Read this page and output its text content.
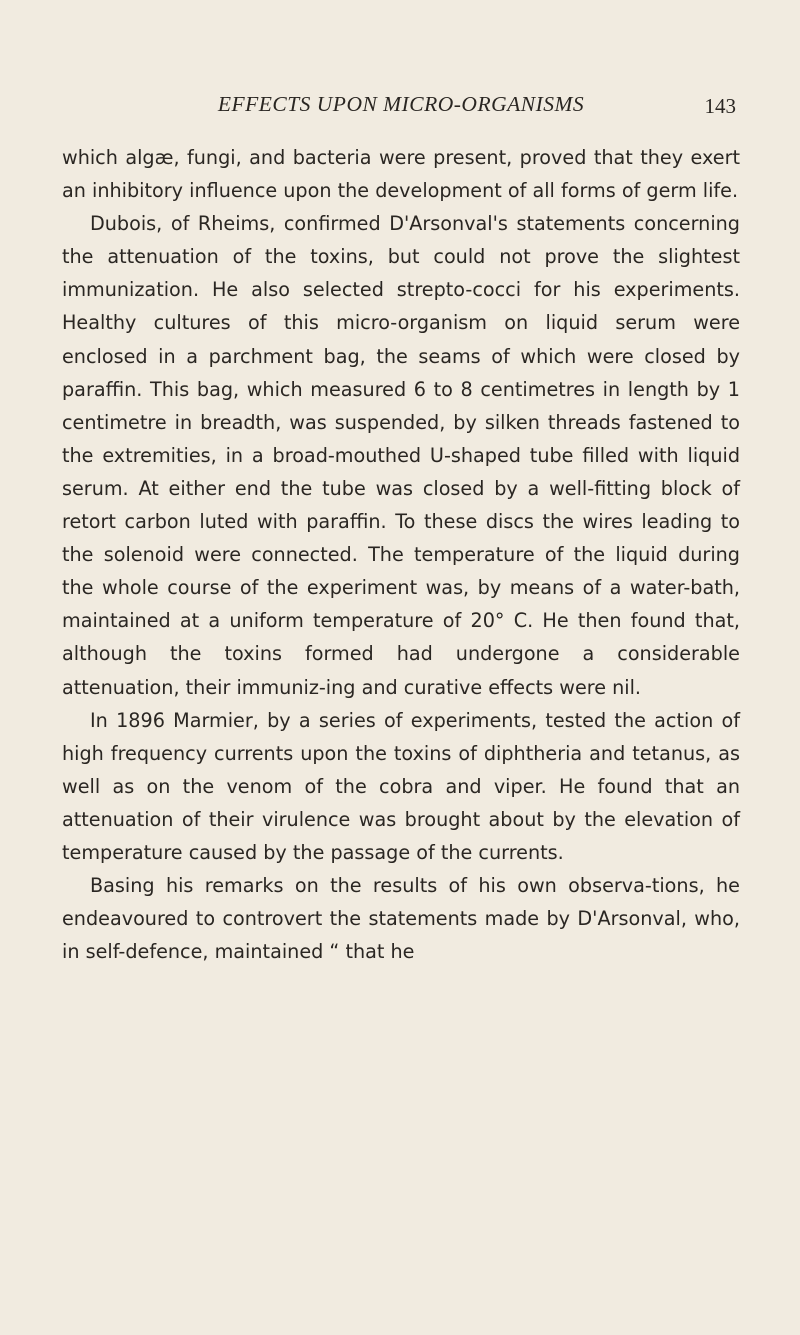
EFFECTS UPON MICRO-ORGANISMS	143

which algæ, fungi, and bacteria were present, proved that they exert an inhibitory influence upon the development of all forms of germ life.

Dubois, of Rheims, confirmed D'Arsonval's statements concerning the attenuation of the toxins, but could not prove the slightest immunization. He also selected strepto-cocci for his experiments. Healthy cultures of this micro-organism on liquid serum were enclosed in a parchment bag, the seams of which were closed by paraffin. This bag, which measured 6 to 8 centimetres in length by 1 centimetre in breadth, was suspended, by silken threads fastened to the extremities, in a broad-mouthed U-shaped tube filled with liquid serum. At either end the tube was closed by a well-fitting block of retort carbon luted with paraffin. To these discs the wires leading to the solenoid were connected. The temperature of the liquid during the whole course of the experiment was, by means of a water-bath, maintained at a uniform temperature of 20° C. He then found that, although the toxins formed had undergone a considerable attenuation, their immuniz-ing and curative effects were nil.

In 1896 Marmier, by a series of experiments, tested the action of high frequency currents upon the toxins of diphtheria and tetanus, as well as on the venom of the cobra and viper. He found that an attenuation of their virulence was brought about by the elevation of temperature caused by the passage of the currents.

Basing his remarks on the results of his own observa-tions, he endeavoured to controvert the statements made by D'Arsonval, who, in self-defence, maintained “ that he
